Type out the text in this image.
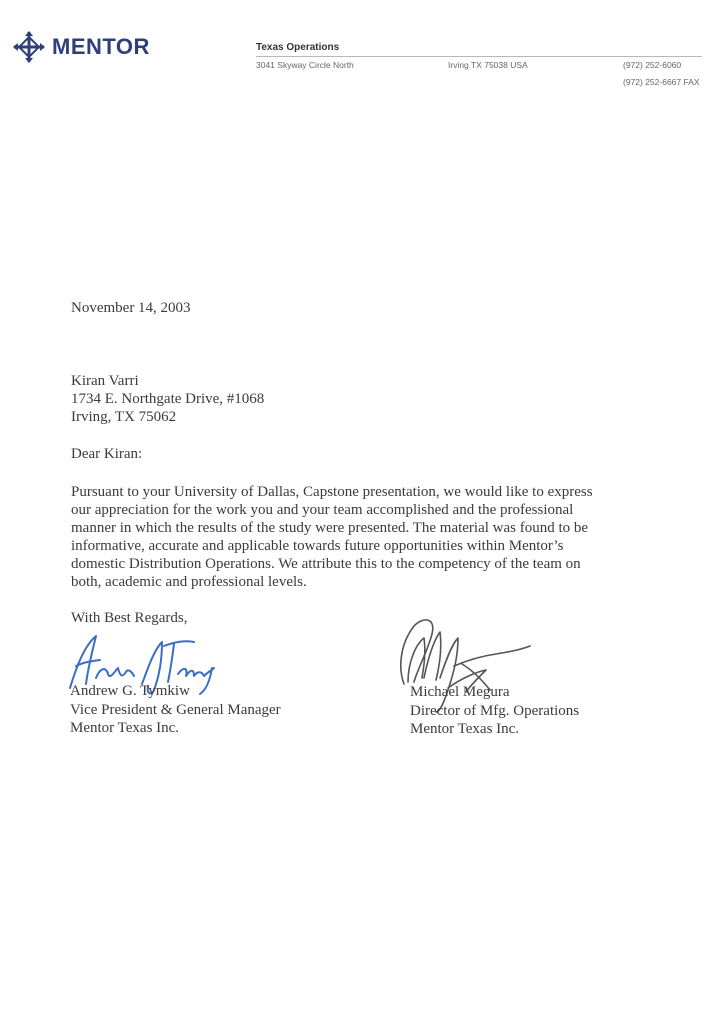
MENTOR	Texas Operations
3041 Skyway Circle North	Irving TX 75038 USA	(972) 252-6060
(972) 252-6667 FAX
November 14, 2003
Kiran Varri
1734 E. Northgate Drive, #1068
Irving, TX 75062
Dear Kiran:
Pursuant to your University of Dallas, Capstone presentation, we would like to express
our appreciation for the work you and your team accomplished and the professional
manner in which the results of the study were presented. The material was found to be
informative, accurate and applicable towards future opportunities within Mentor’s
domestic Distribution Operations. We attribute this to the competency of the team on
both, academic and professional levels.
With Best Regards,
Andrew G. Tymkiw
Vice President & General Manager
Mentor Texas Inc.
Michael Megura
Director of Mfg. Operations
Mentor Texas Inc.
